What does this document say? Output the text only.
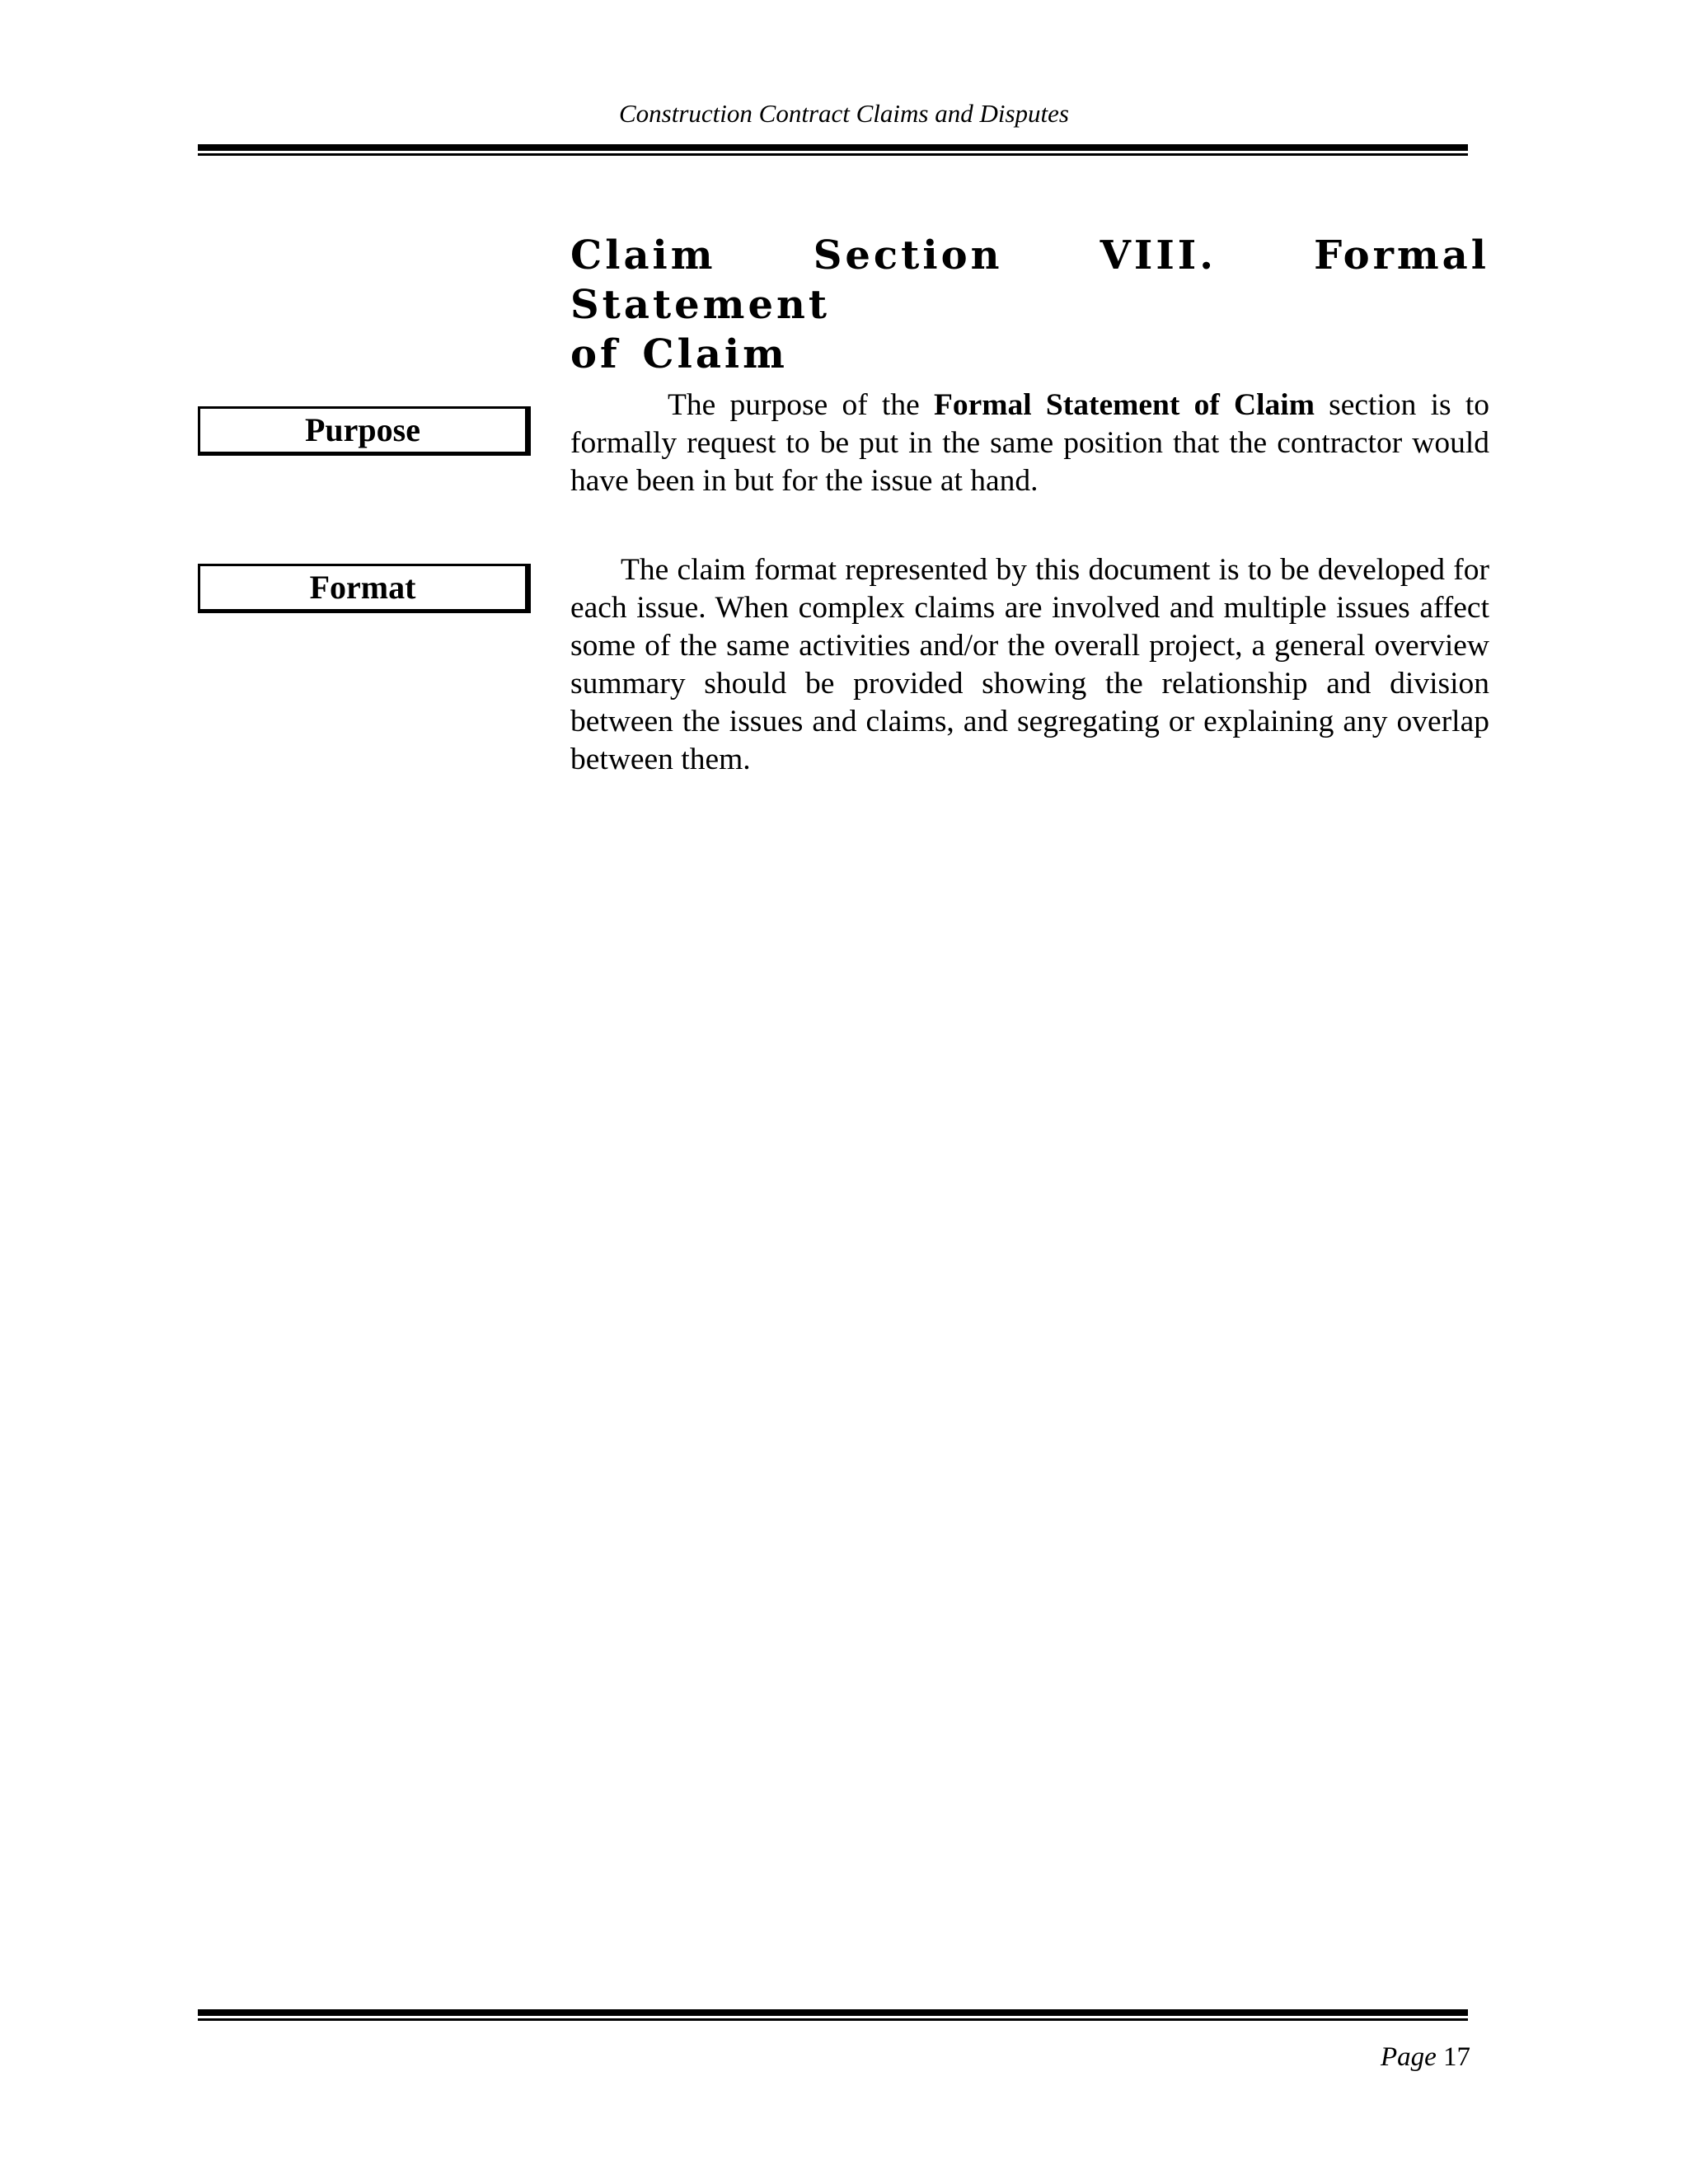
Construction Contract Claims and Disputes
Claim Section VIII. Formal Statement
of Claim
Purpose

The purpose of the Formal Statement of Claim section is to formally request to be put in the same position that the contractor would have been in but for the issue at hand.

Format	The claim format represented by this document is to be developed for each issue. When complex claims are involved and multiple issues affect some of the same activities and/or the overall project, a general overview summary should be provided showing the relationship and division between the issues and claims, and segregating or explaining any overlap between them.

Page 17
